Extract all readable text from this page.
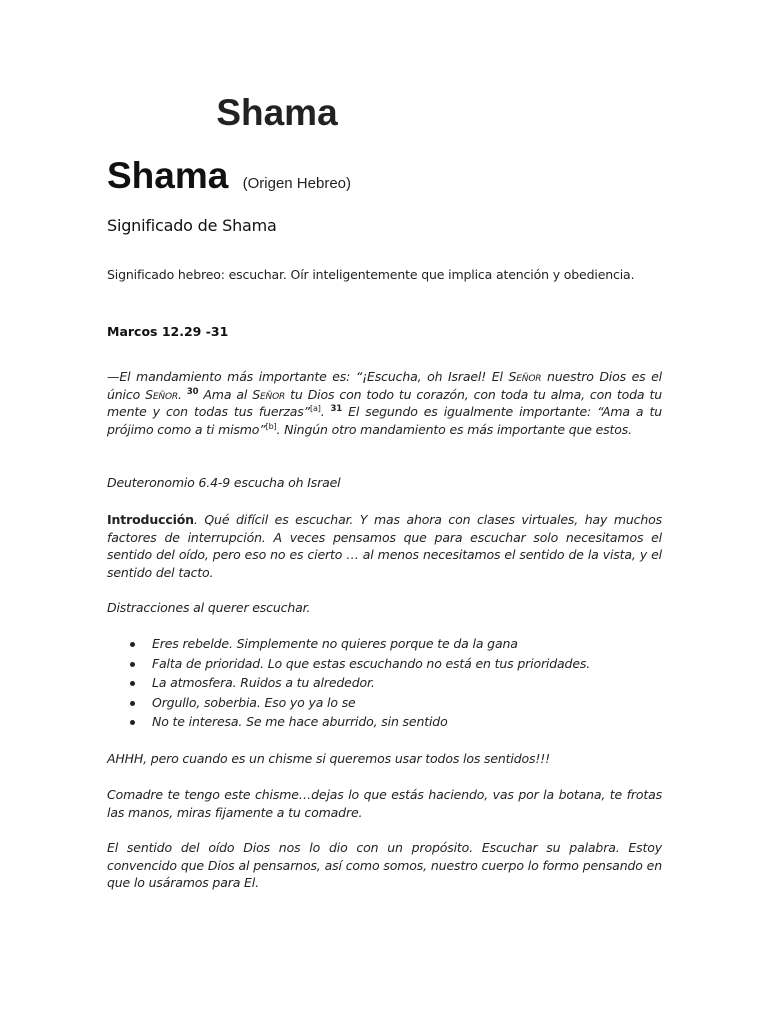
Shama
Shama (Origen Hebreo)
Significado de Shama

Significado hebreo: escuchar. Oír inteligentemente que implica atención y obediencia.

Marcos 12.29 -31

—El mandamiento más importante es: “¡Escucha, oh Israel! El Señor nuestro Dios es el único Señor. $^{30}$ Ama al Señor tu Dios con todo tu corazón, con toda tu alma, con toda tu mente y con todas tus fuerzas”[a]. $^{31}$ El segundo es igualmente importante: “Ama a tu prójimo como a ti mismo”[b]. Ningún otro mandamiento es más importante que estos.

Deuteronomio 6.4-9 escucha oh Israel

Introducción. Qué difícil es escuchar. Y mas ahora con clases virtuales, hay muchos factores de interrupción. A veces pensamos que para escuchar solo necesitamos el sentido del oído, pero eso no es cierto … al menos necesitamos el sentido de la vista, y el sentido del tacto.

Distracciones al querer escuchar.

Eres rebelde. Simplemente no quieres porque te da la gana
Falta de prioridad. Lo que estas escuchando no está en tus prioridades.
La atmosfera. Ruidos a tu alrededor.
Orgullo, soberbia. Eso yo ya lo se
No te interesa. Se me hace aburrido, sin sentido

AHHH, pero cuando es un chisme si queremos usar todos los sentidos!!!

Comadre te tengo este chisme…dejas lo que estás haciendo, vas por la botana, te frotas las manos, miras fijamente a tu comadre.

El sentido del oído Dios nos lo dio con un propósito. Escuchar su palabra. Estoy convencido que Dios al pensarnos, así como somos, nuestro cuerpo lo formo pensando en que lo usáramos para El.
